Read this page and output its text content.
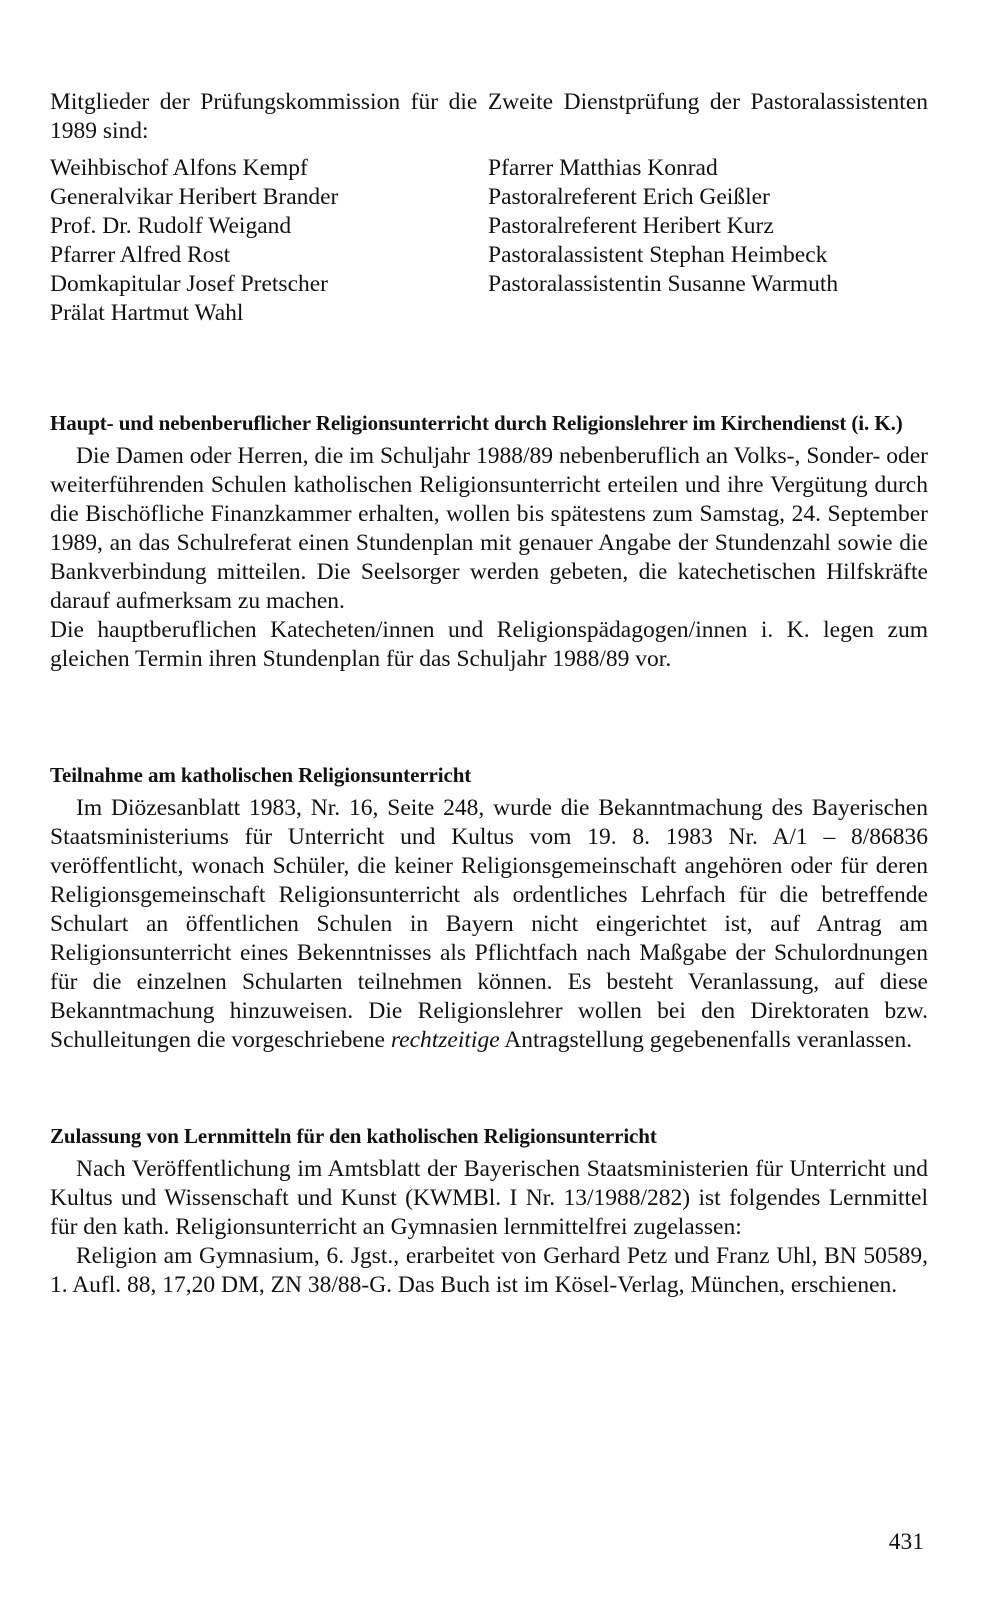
Mitglieder der Prüfungskommission für die Zweite Dienstprüfung der Pastoralassistenten 1989 sind:

Weihbischof Alfons Kempf
Generalvikar Heribert Brander
Prof. Dr. Rudolf Weigand
Pfarrer Alfred Rost
Domkapitular Josef Pretscher
Prälat Hartmut Wahl
Pfarrer Matthias Konrad
Pastoralreferent Erich Geißler
Pastoralreferent Heribert Kurz
Pastoralassistent Stephan Heimbeck
Pastoralassistentin Susanne Warmuth

Haupt- und nebenberuflicher Religionsunterricht durch Religionslehrer im Kirchendienst (i. K.)

Die Damen oder Herren, die im Schuljahr 1988/89 nebenberuflich an Volks-, Sonder- oder weiterführenden Schulen katholischen Religionsunterricht erteilen und ihre Vergütung durch die Bischöfliche Finanzkammer erhalten, wollen bis spätestens zum Samstag, 24. September 1989, an das Schulreferat einen Stundenplan mit genauer Angabe der Stundenzahl sowie die Bankverbindung mitteilen. Die Seelsorger werden gebeten, die katechetischen Hilfskräfte darauf aufmerksam zu machen.

Die hauptberuflichen Katecheten/innen und Religionspädagogen/innen i. K. legen zum gleichen Termin ihren Stundenplan für das Schuljahr 1988/89 vor.

Teilnahme am katholischen Religionsunterricht

Im Diözesanblatt 1983, Nr. 16, Seite 248, wurde die Bekanntmachung des Bayerischen Staatsministeriums für Unterricht und Kultus vom 19. 8. 1983 Nr. A/1 – 8/86836 veröffentlicht, wonach Schüler, die keiner Religionsgemeinschaft angehören oder für deren Religionsgemeinschaft Religionsunterricht als ordentliches Lehrfach für die betreffende Schulart an öffentlichen Schulen in Bayern nicht eingerichtet ist, auf Antrag am Religionsunterricht eines Bekenntnisses als Pflichtfach nach Maßgabe der Schulordnungen für die einzelnen Schularten teilnehmen können. Es besteht Veranlassung, auf diese Bekanntmachung hinzuweisen. Die Religionslehrer wollen bei den Direktoraten bzw. Schulleitungen die vorgeschriebene rechtzeitige Antragstellung gegebenenfalls veranlassen.

Zulassung von Lernmitteln für den katholischen Religionsunterricht

Nach Veröffentlichung im Amtsblatt der Bayerischen Staatsministerien für Unterricht und Kultus und Wissenschaft und Kunst (KWMBl. I Nr. 13/1988/282) ist folgendes Lernmittel für den kath. Religionsunterricht an Gymnasien lernmittelfrei zugelassen:

Religion am Gymnasium, 6. Jgst., erarbeitet von Gerhard Petz und Franz Uhl, BN 50589, 1. Aufl. 88, 17,20 DM, ZN 38/88-G. Das Buch ist im Kösel-Verlag, München, erschienen.

431
